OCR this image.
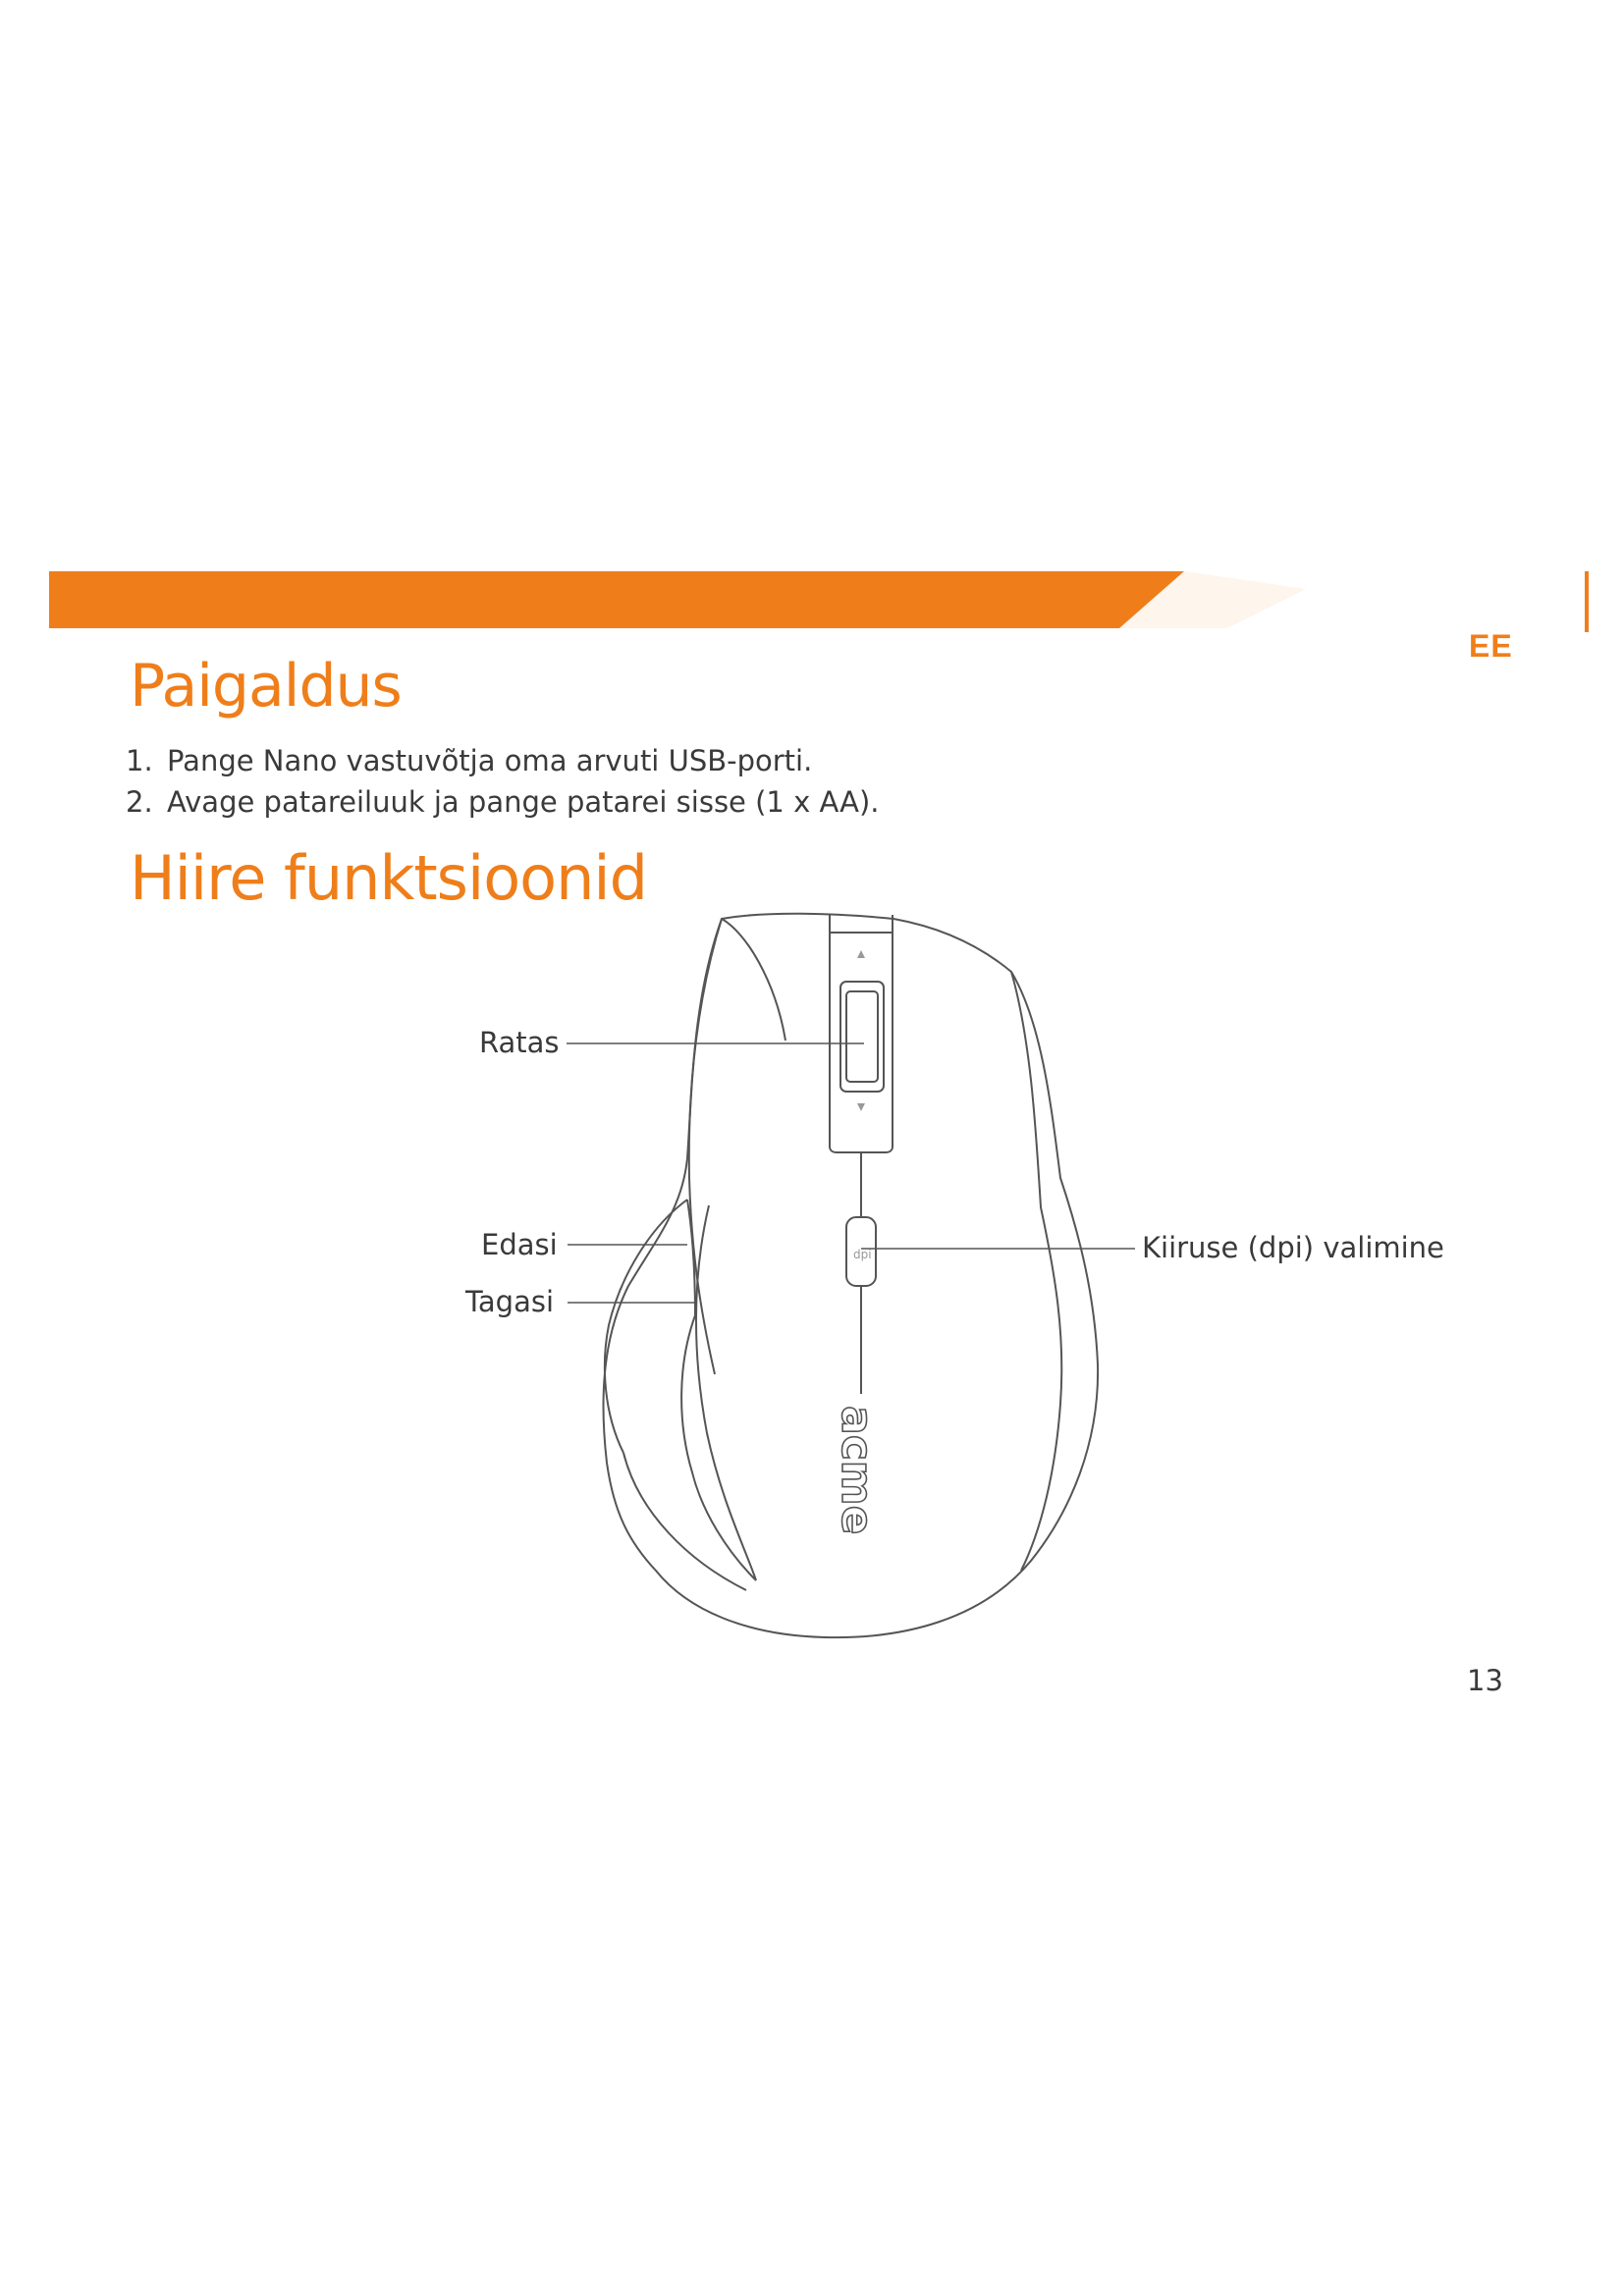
EE
Paigaldus
1. Pange Nano vastuvõtja oma arvuti USB-porti.
2. Avage patareiluuk ja pange patarei sisse (1 x AA).
Hiire funktsioonid
dpi
acme
Ratas
Edasi
Tagasi
Kiiruse (dpi) valimine
13
